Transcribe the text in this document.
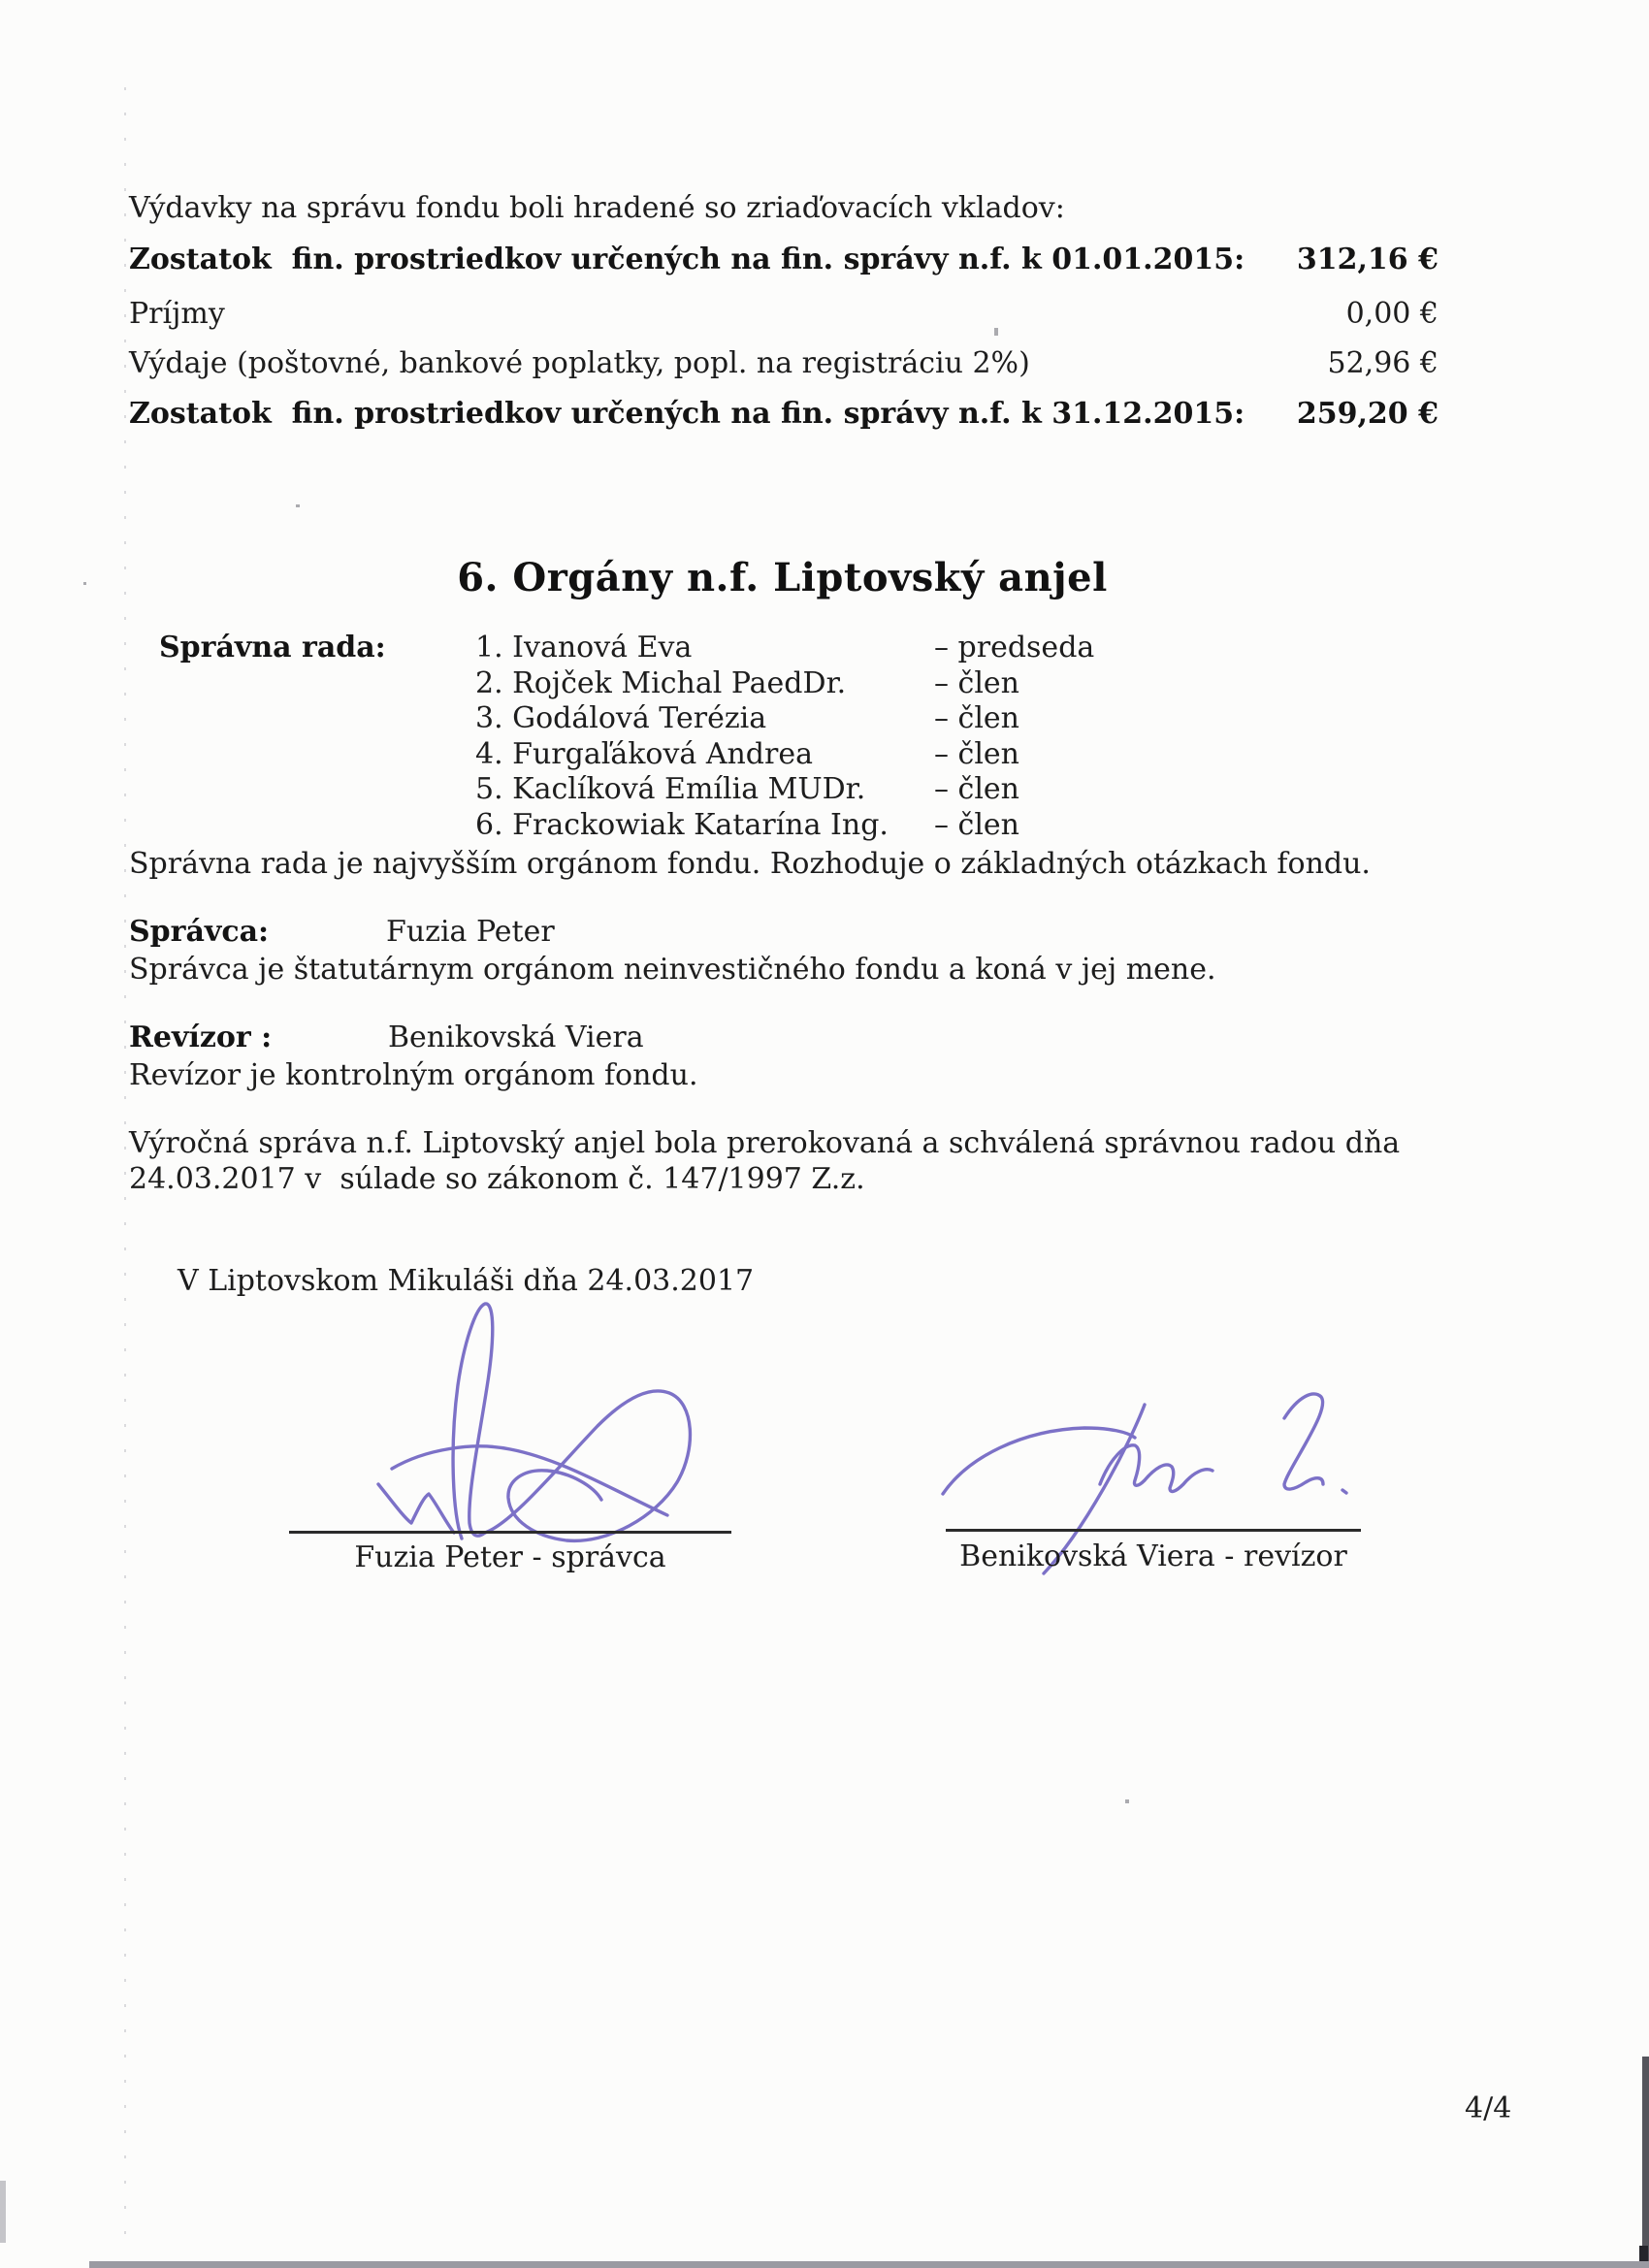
Výdavky na správu fondu boli hradené so zriaďovacích vkladov:
Zostatok  fin. prostriedkov určených na fin. správy n.f. k 01.01.2015: 312,16 €
Príjmy	0,00 €
Výdaje (poštovné, bankové poplatky, popl. na registráciu 2%)	52,96 €
Zostatok  fin. prostriedkov určených na fin. správy n.f. k 31.12.2015: 259,20 €
6. Orgány n.f. Liptovský anjel
Správna rada:	1. Ivanová Eva	– predseda
2. Rojček Michal PaedDr.	– člen
3. Godálová Terézia	– člen
4. Furgaľáková Andrea	– člen
5. Kaclíková Emília MUDr. – člen
6. Frackowiak Katarína Ing. – člen
Správna rada je najvyšším orgánom fondu. Rozhoduje o základných otázkach fondu.
Správca:	Fuzia Peter
Správca je štatutárnym orgánom neinvestičného fondu a koná v jej mene.
Revízor :	Benikovská Viera
Revízor je kontrolným orgánom fondu.
Výročná správa n.f. Liptovský anjel bola prerokovaná a schválená správnou radou dňa
24.03.2017 v  súlade so zákonom č. 147/1997 Z.z.
V Liptovskom Mikuláši dňa 24.03.2017
Fuzia Peter - správca	Benikovská Viera - revízor
4/4
